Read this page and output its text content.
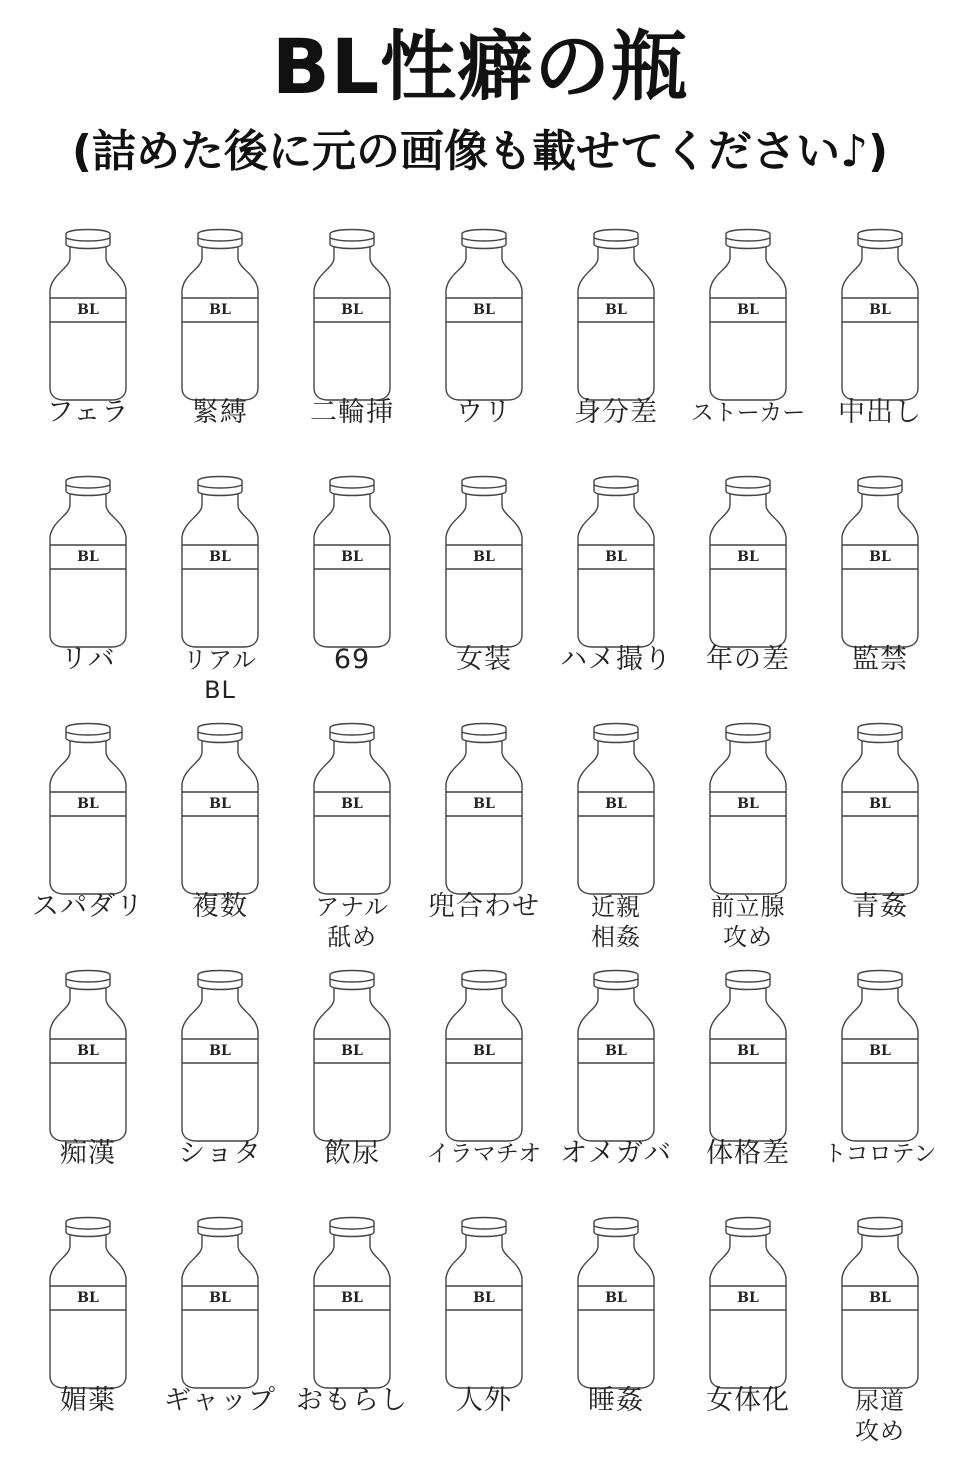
BL性癖の瓶
(詰めた後に元の画像も載せてください♪)
BL
フェラ
BL
緊縛
BL
二輪挿
BL
ウリ
BL
身分差
BL
ストーカー
BL
中出し
BL
リバ
BL
リアル
BL
BL
69
BL
女装
BL
ハメ撮り
BL
年の差
BL
監禁
BL
スパダリ
BL
複数
BL
アナル
舐め
BL
兜合わせ
BL
近親
相姦
BL
前立腺
攻め
BL
青姦
BL
痴漢
BL
ショタ
BL
飲尿
BL
イラマチオ
BL
オメガバ
BL
体格差
BL
トコロテン
BL
媚薬
BL
ギャップ
BL
おもらし
BL
人外
BL
睡姦
BL
女体化
BL
尿道
攻め
